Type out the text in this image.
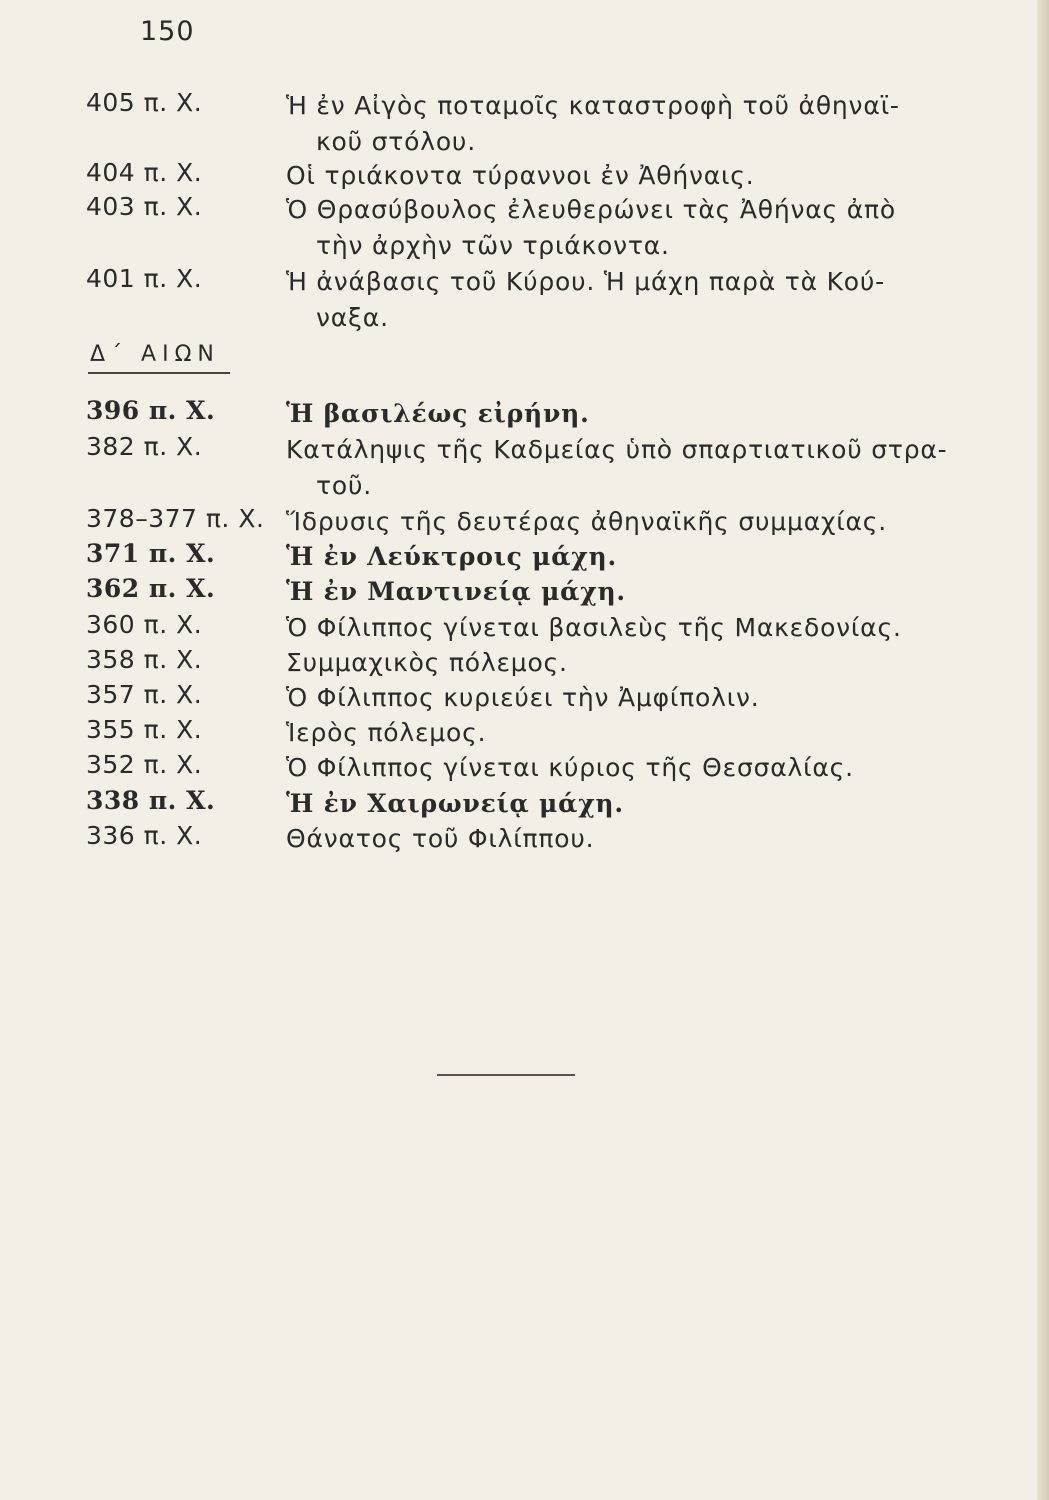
150
405 π. Χ.	Ἡ ἐν Αἰγὸς ποταμοῖς καταστροφὴ τοῦ ἀθηναϊ-
κοῦ στόλου.
404 π. Χ.	Οἱ τριάκοντα τύραννοι ἐν Ἀθήναις.
403 π. Χ.	Ὁ Θρασύβουλος ἐλευθερώνει τὰς Ἀθήνας ἀπὸ
τὴν ἀρχὴν τῶν τριάκοντα.
401 π. Χ.	Ἡ ἀνάβασις τοῦ Κύρου. Ἡ μάχη παρὰ τὰ Κού-
ναξα.
Δ΄ ΑΙΩΝ
396 π. Χ.	Ἡ βασιλέως εἰρήνη.
382 π. Χ.	Κατάληψις τῆς Καδμείας ὑπὸ σπαρτιατικοῦ στρα-
τοῦ.
378–377 π. Χ. Ἵδρυσις τῆς δευτέρας ἀθηναϊκῆς συμμαχίας.
371 π. Χ.	Ἡ ἐν Λεύκτροις μάχη.
362 π. Χ.	Ἡ ἐν Μαντινείᾳ μάχη.
360 π. Χ.	Ὁ Φίλιππος γίνεται βασιλεὺς τῆς Μακεδονίας.
358 π. Χ.	Συμμαχικὸς πόλεμος.
357 π. Χ.	Ὁ Φίλιππος κυριεύει τὴν Ἀμφίπολιν.
355 π. Χ.	Ἱερὸς πόλεμος.
352 π. Χ.	Ὁ Φίλιππος γίνεται κύριος τῆς Θεσσαλίας.
338 π. Χ.	Ἡ ἐν Χαιρωνείᾳ μάχη.
336 π. Χ.	Θάνατος τοῦ Φιλίππου.
